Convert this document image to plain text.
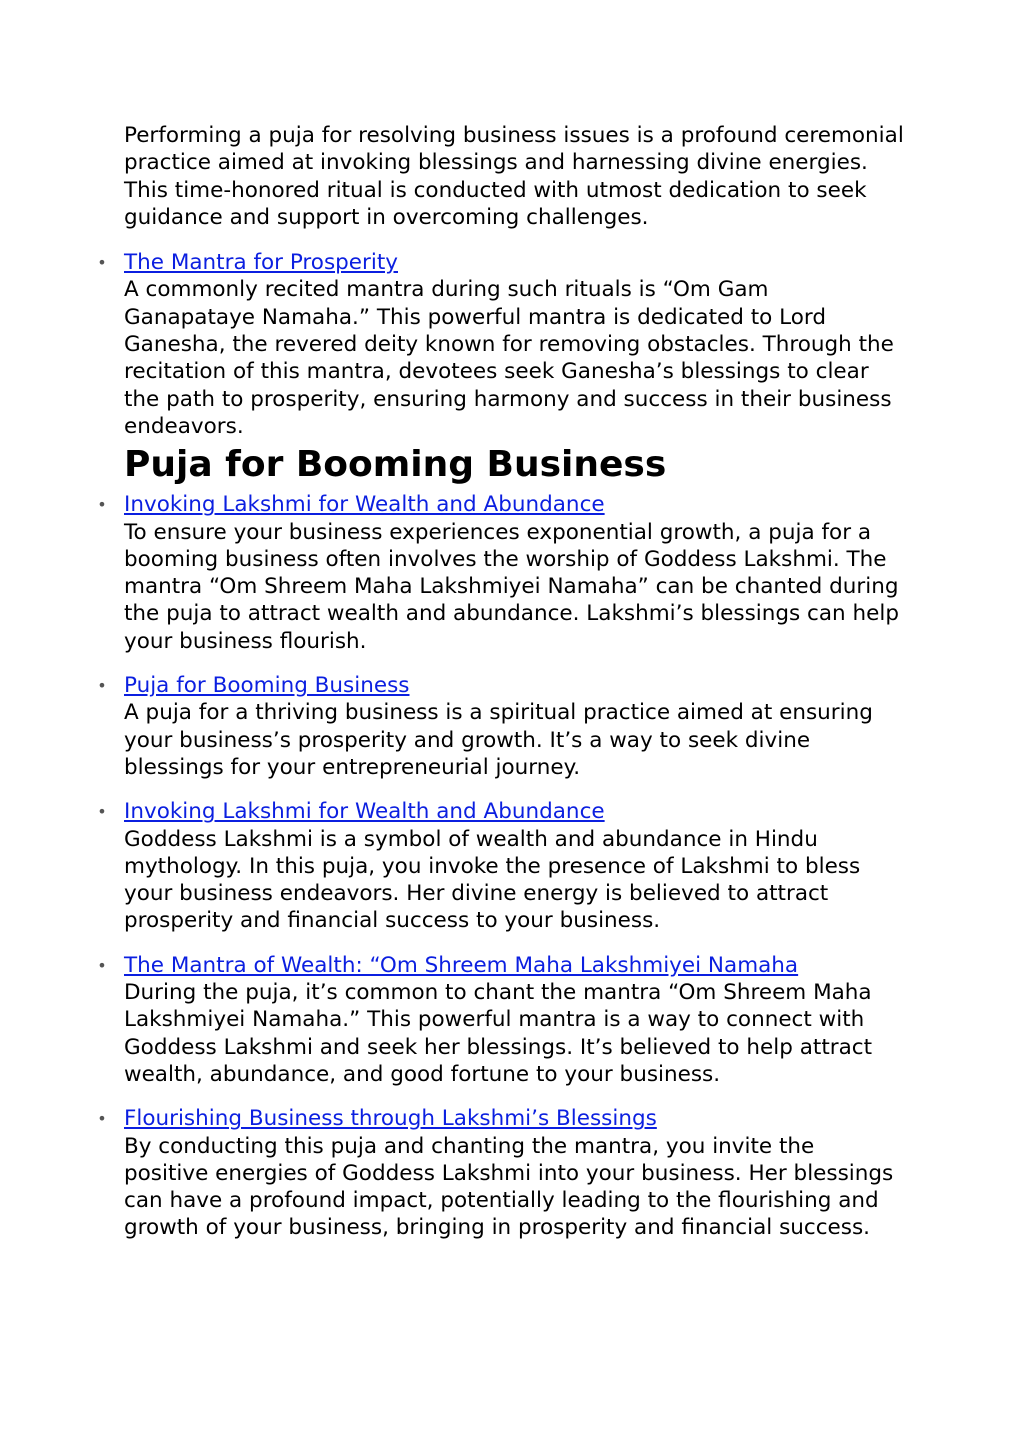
Performing a puja for resolving business issues is a profound ceremonial practice aimed at invoking blessings and harnessing divine energies. This time-honored ritual is conducted with utmost dedication to seek guidance and support in overcoming challenges.

• The Mantra for Prosperity
A commonly recited mantra during such rituals is “Om Gam Ganapataye Namaha.” This powerful mantra is dedicated to Lord Ganesha, the revered deity known for removing obstacles. Through the recitation of this mantra, devotees seek Ganesha’s blessings to clear the path to prosperity, ensuring harmony and success in their business endeavors.
Puja for Booming Business
• Invoking Lakshmi for Wealth and Abundance
To ensure your business experiences exponential growth, a puja for a booming business often involves the worship of Goddess Lakshmi. The mantra “Om Shreem Maha Lakshmiyei Namaha” can be chanted during the puja to attract wealth and abundance. Lakshmi’s blessings can help your business flourish.
• Puja for Booming Business
A puja for a thriving business is a spiritual practice aimed at ensuring your business’s prosperity and growth. It’s a way to seek divine blessings for your entrepreneurial journey.
• Invoking Lakshmi for Wealth and Abundance
Goddess Lakshmi is a symbol of wealth and abundance in Hindu mythology. In this puja, you invoke the presence of Lakshmi to bless your business endeavors. Her divine energy is believed to attract prosperity and financial success to your business.
• The Mantra of Wealth: “Om Shreem Maha Lakshmiyei Namaha
During the puja, it’s common to chant the mantra “Om Shreem Maha Lakshmiyei Namaha.” This powerful mantra is a way to connect with Goddess Lakshmi and seek her blessings. It’s believed to help attract wealth, abundance, and good fortune to your business.
• Flourishing Business through Lakshmi’s Blessings
By conducting this puja and chanting the mantra, you invite the positive energies of Goddess Lakshmi into your business. Her blessings can have a profound impact, potentially leading to the flourishing and growth of your business, bringing in prosperity and financial success.
